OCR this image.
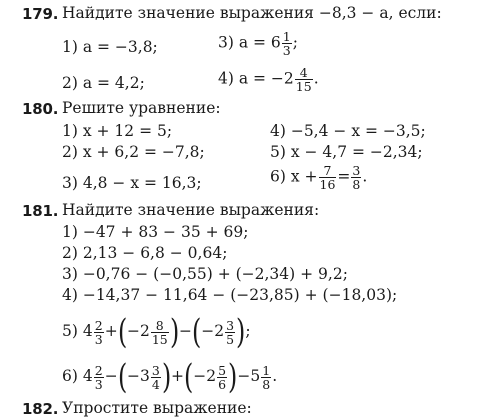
179. Найдите значение выражения −8,3 − a, если:
1) a = −3,8;	3) $a = 6 \frac{1}{3}$ ;
2) a = 4,2;	4) $a = -2 \frac{4}{15}$ .
180. Решите уравнение:
1) x + 12 = 5;	4) −5,4 − x = −3,5;
2) x + 6,2 = −7,8;	5) x − 4,7 = −2,34;
3) 4,8 − x = 16,3;	6) $x + \frac{7}{16} = \frac{3}{8}$ .
181. Найдите значение выражения:
1) −47 + 83 − 35 + 69;
2) 2,13 − 6,8 − 0,64;
3) −0,76 − (−0,55) + (−2,34) + 9,2;
4) −14,37 − 11,64 − (−23,85) + (−18,03);
5) $4 \frac{2}{3} +(-2 \frac{8}{15} )-(-2 \frac{3}{5}$ );
6) $4 \frac{2}{3} -(-3 \frac{3}{4} )+(-2 \frac{5}{6} )-5 \frac{1}{8}$ .
182. Упростите выражение:
